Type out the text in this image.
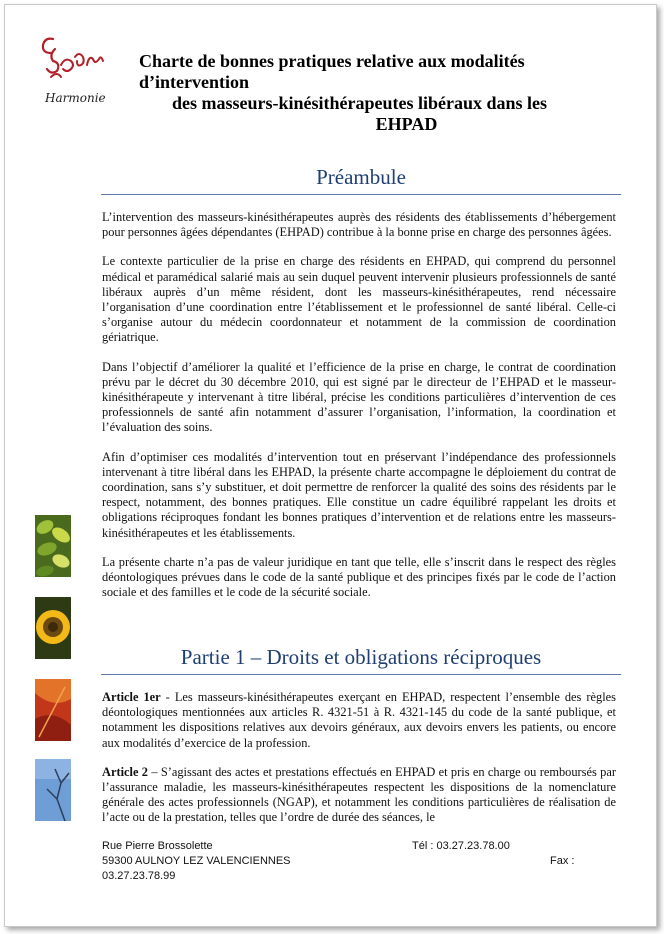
Harmonie
Charte de bonnes pratiques relative aux modalités
d’intervention
des masseurs-kinésithérapeutes libéraux dans les
EHPAD
Préambule

L’intervention des masseurs-kinésithérapeutes auprès des résidents des établissements d’hébergement pour personnes âgées dépendantes (EHPAD) contribue à la bonne prise en charge des personnes âgées.

Le contexte particulier de la prise en charge des résidents en EHPAD, qui comprend du personnel médical et paramédical salarié mais au sein duquel peuvent intervenir plusieurs professionnels de santé libéraux auprès d’un même résident, dont les masseurs-kinésithérapeutes, rend nécessaire l’organisation d’une coordination entre l’établissement et le professionnel de santé libéral. Celle-ci s’organise autour du médecin coordonnateur et notamment de la commission de coordination gériatrique.

Dans l’objectif d’améliorer la qualité et l’efficience de la prise en charge, le contrat de coordination prévu par le décret du 30 décembre 2010, qui est signé par le directeur de l’EHPAD et le masseur-kinésithérapeute y intervenant à titre libéral, précise les conditions particulières d’intervention de ces professionnels de santé afin notamment d’assurer l’organisation, l’information, la coordination et l’évaluation des soins.

Afin d’optimiser ces modalités d’intervention tout en préservant l’indépendance des professionnels intervenant à titre libéral dans les EHPAD, la présente charte accompagne le déploiement du contrat de coordination, sans s’y substituer, et doit permettre de renforcer la qualité des soins des résidents par le respect, notamment, des bonnes pratiques. Elle constitue un cadre équilibré rappelant les droits et obligations réciproques fondant les bonnes pratiques d’intervention et de relations entre les masseurs-kinésithérapeutes et les établissements.

La présente charte n’a pas de valeur juridique en tant que telle, elle s’inscrit dans le respect des règles déontologiques prévues dans le code de la santé publique et des principes fixés par le code de l’action sociale et des familles et le code de la sécurité sociale.

Partie 1 – Droits et obligations réciproques

Article 1er - Les masseurs-kinésithérapeutes exerçant en EHPAD, respectent l’ensemble des règles déontologiques mentionnées aux articles R. 4321-51 à R. 4321-145 du code de la santé publique, et notamment les dispositions relatives aux devoirs généraux, aux devoirs envers les patients, ou encore aux modalités d’exercice de la profession.

Article 2 – S’agissant des actes et prestations effectués en EHPAD et pris en charge ou remboursés par l’assurance maladie, les masseurs-kinésithérapeutes respectent les dispositions de la nomenclature générale des actes professionnels (NGAP), et notamment les conditions particulières de réalisation de l’acte ou de la prestation, telles que l’ordre de durée des séances, le

Rue Pierre Brossolette	Tél : 03.27.23.78.00
59300 AULNOY LEZ VALENCIENNES	Fax :
03.27.23.78.99
